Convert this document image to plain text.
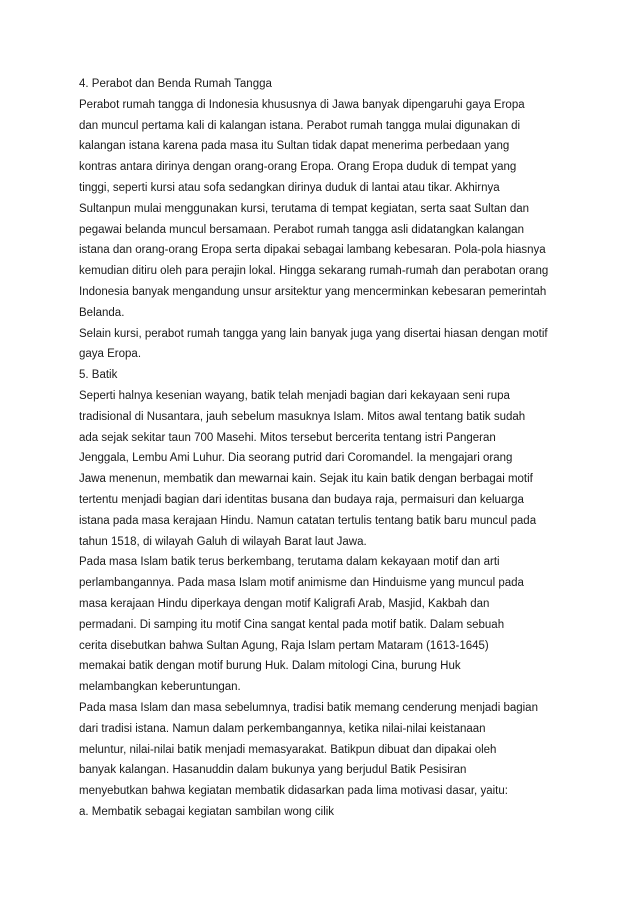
4. Perabot dan Benda Rumah Tangga
Perabot rumah tangga di Indonesia khususnya di Jawa banyak dipengaruhi gaya Eropa
dan muncul pertama kali di kalangan istana. Perabot rumah tangga mulai digunakan di
kalangan istana karena pada masa itu Sultan tidak dapat menerima perbedaan yang
kontras antara dirinya dengan orang-orang Eropa. Orang Eropa duduk di tempat yang
tinggi, seperti kursi atau sofa sedangkan dirinya duduk di lantai atau tikar. Akhirnya
Sultanpun mulai menggunakan kursi, terutama di tempat kegiatan, serta saat Sultan dan
pegawai belanda muncul bersamaan. Perabot rumah tangga asli didatangkan kalangan
istana dan orang-orang Eropa serta dipakai sebagai lambang kebesaran. Pola-pola hiasnya
kemudian ditiru oleh para perajin lokal. Hingga sekarang rumah-rumah dan perabotan orang
Indonesia banyak mengandung unsur arsitektur yang mencerminkan kebesaran pemerintah
Belanda.
Selain kursi, perabot rumah tangga yang lain banyak juga yang disertai hiasan dengan motif
gaya Eropa.
5. Batik
Seperti halnya kesenian wayang, batik telah menjadi bagian dari kekayaan seni rupa
tradisional di Nusantara, jauh sebelum masuknya Islam. Mitos awal tentang batik sudah
ada sejak sekitar taun 700 Masehi. Mitos tersebut bercerita tentang istri Pangeran
Jenggala, Lembu Ami Luhur. Dia seorang putrid dari Coromandel. Ia mengajari orang
Jawa menenun, membatik dan mewarnai kain. Sejak itu kain batik dengan berbagai motif
tertentu menjadi bagian dari identitas busana dan budaya raja, permaisuri dan keluarga
istana pada masa kerajaan Hindu. Namun catatan tertulis tentang batik baru muncul pada
tahun 1518, di wilayah Galuh di wilayah Barat laut Jawa.
Pada masa Islam batik terus berkembang, terutama dalam kekayaan motif dan arti
perlambangannya. Pada masa Islam motif animisme dan Hinduisme yang muncul pada
masa kerajaan Hindu diperkaya dengan motif Kaligrafi Arab, Masjid, Kakbah dan
permadani. Di samping itu motif Cina sangat kental pada motif batik. Dalam sebuah
cerita disebutkan bahwa Sultan Agung, Raja Islam pertam Mataram (1613-1645)
memakai batik dengan motif burung Huk. Dalam mitologi Cina, burung Huk
melambangkan keberuntungan.
Pada masa Islam dan masa sebelumnya, tradisi batik memang cenderung menjadi bagian
dari tradisi istana. Namun dalam perkembangannya, ketika nilai-nilai keistanaan
meluntur, nilai-nilai batik menjadi memasyarakat. Batikpun dibuat dan dipakai oleh
banyak kalangan. Hasanuddin dalam bukunya yang berjudul Batik Pesisiran
menyebutkan bahwa kegiatan membatik didasarkan pada lima motivasi dasar, yaitu:
a. Membatik sebagai kegiatan sambilan wong cilik
